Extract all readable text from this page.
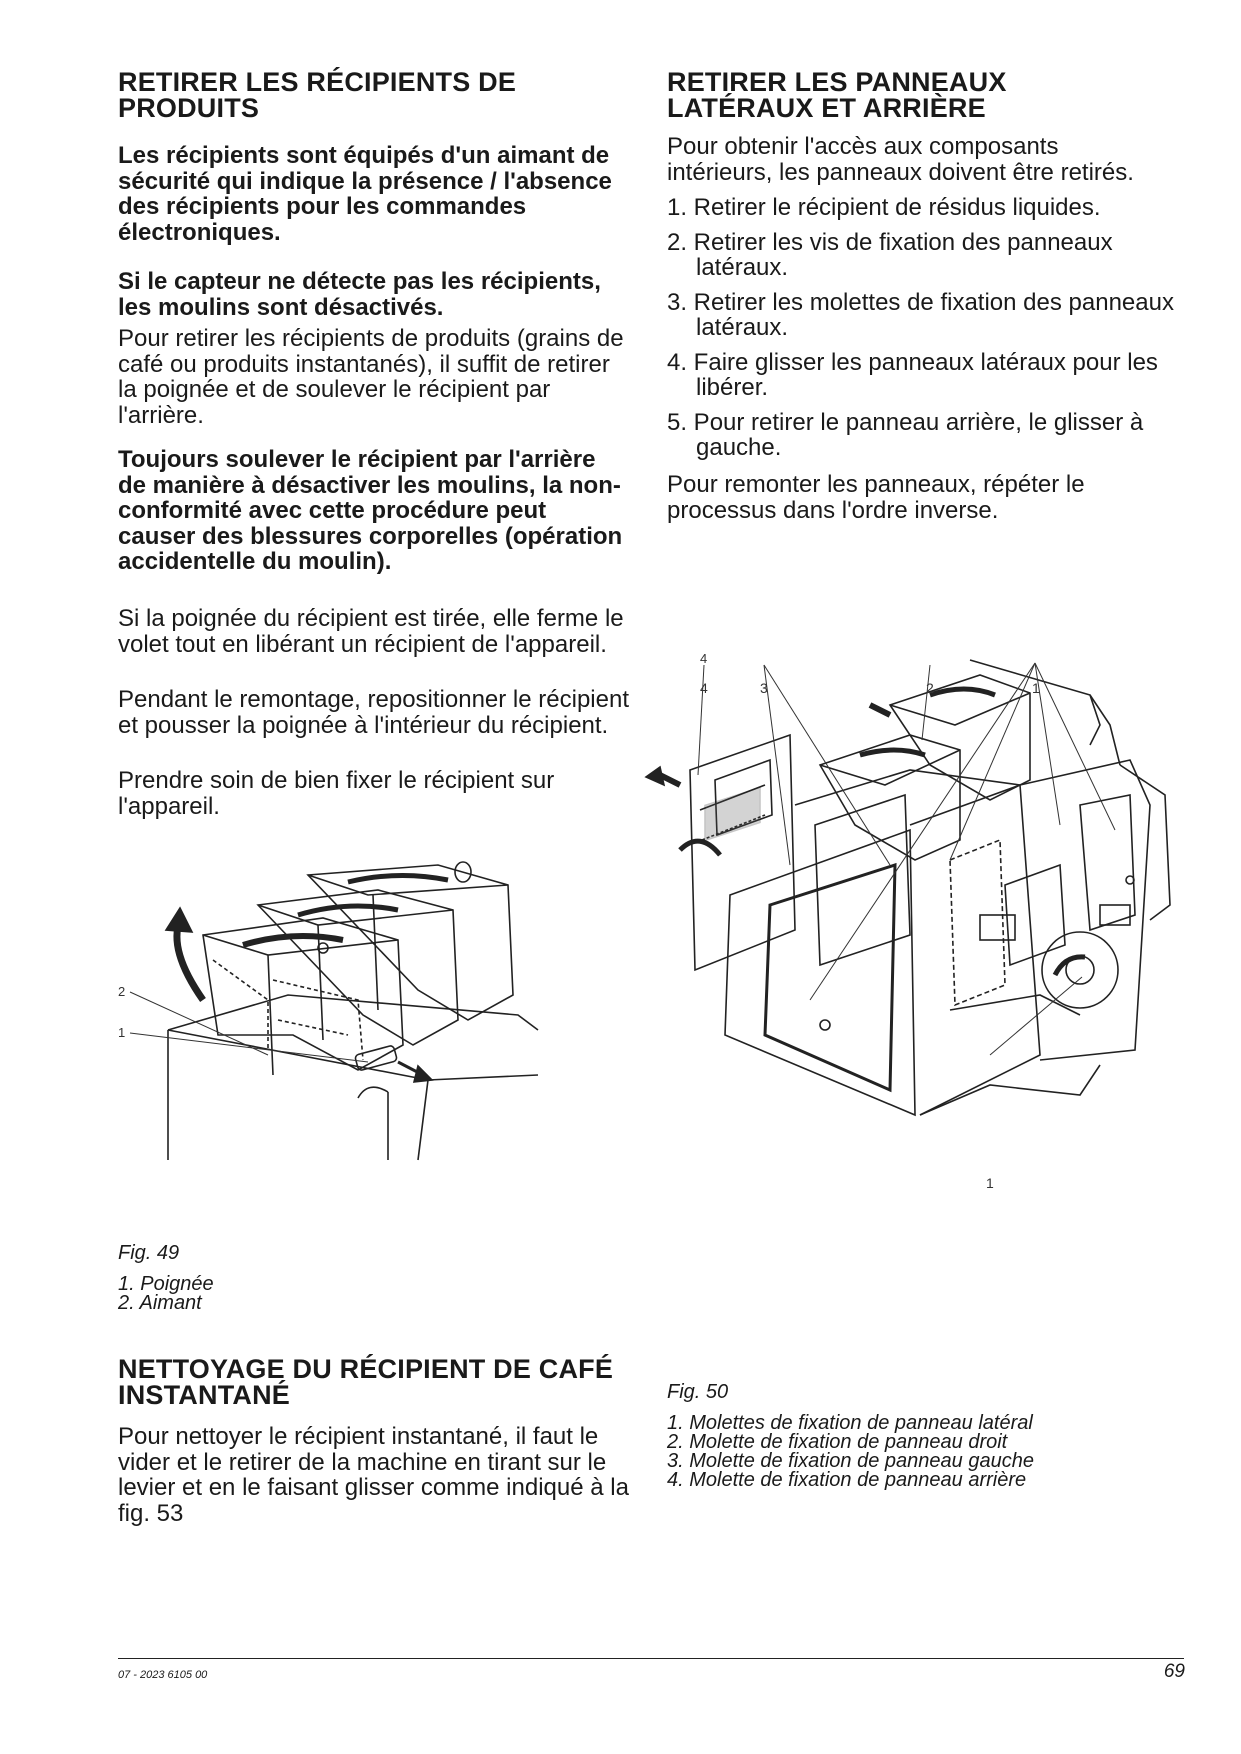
RETIRER LES RÉCIPIENTS DE PRODUITS

Les récipients sont équipés d'un aimant de sécurité qui indique la présence / l'absence des récipients pour les commandes électroniques.

Si le capteur ne détecte pas les récipients, les moulins sont désactivés.

Pour retirer les récipients de produits (grains de café ou produits instantanés), il suffit de retirer la poignée et de soulever le récipient par l'arrière.

Toujours soulever le récipient par l'arrière de manière à désactiver les moulins, la non-conformité avec cette procédure peut causer des blessures corporelles (opération accidentelle du moulin).

Si la poignée du récipient est tirée, elle ferme le volet tout en libérant un récipient de l'appareil.

Pendant le remontage, repositionner le récipient et pousser la poignée à l'intérieur du récipient.

Prendre soin de bien fixer le récipient sur l'appareil.

2
1
Fig. 49
1. Poignée
2. Aimant
NETTOYAGE DU RÉCIPIENT DE CAFÉ INSTANTANÉ

Pour nettoyer le récipient instantané, il faut le vider et le retirer de la machine en tirant sur le levier et en le faisant glisser comme indiqué à la fig. 53

RETIRER LES PANNEAUX LATÉRAUX ET ARRIÈRE

Pour obtenir l'accès aux composants intérieurs, les panneaux doivent être retirés.

1. Retirer le récipient de résidus liquides.
2. Retirer les vis de fixation des panneaux latéraux.
3. Retirer les molettes de fixation des panneaux latéraux.
4. Faire glisser les panneaux latéraux pour les libérer.
5. Pour retirer le panneau arrière, le glisser à gauche.

Pour remonter les panneaux, répéter le processus dans l'ordre inverse.

4
4	3	2	1
1
Fig. 50
1. Molettes de fixation de panneau latéral
2. Molette de fixation de panneau droit
3. Molette de fixation de panneau gauche
4. Molette de fixation de panneau arrière
07 - 2023 6105 00	69
